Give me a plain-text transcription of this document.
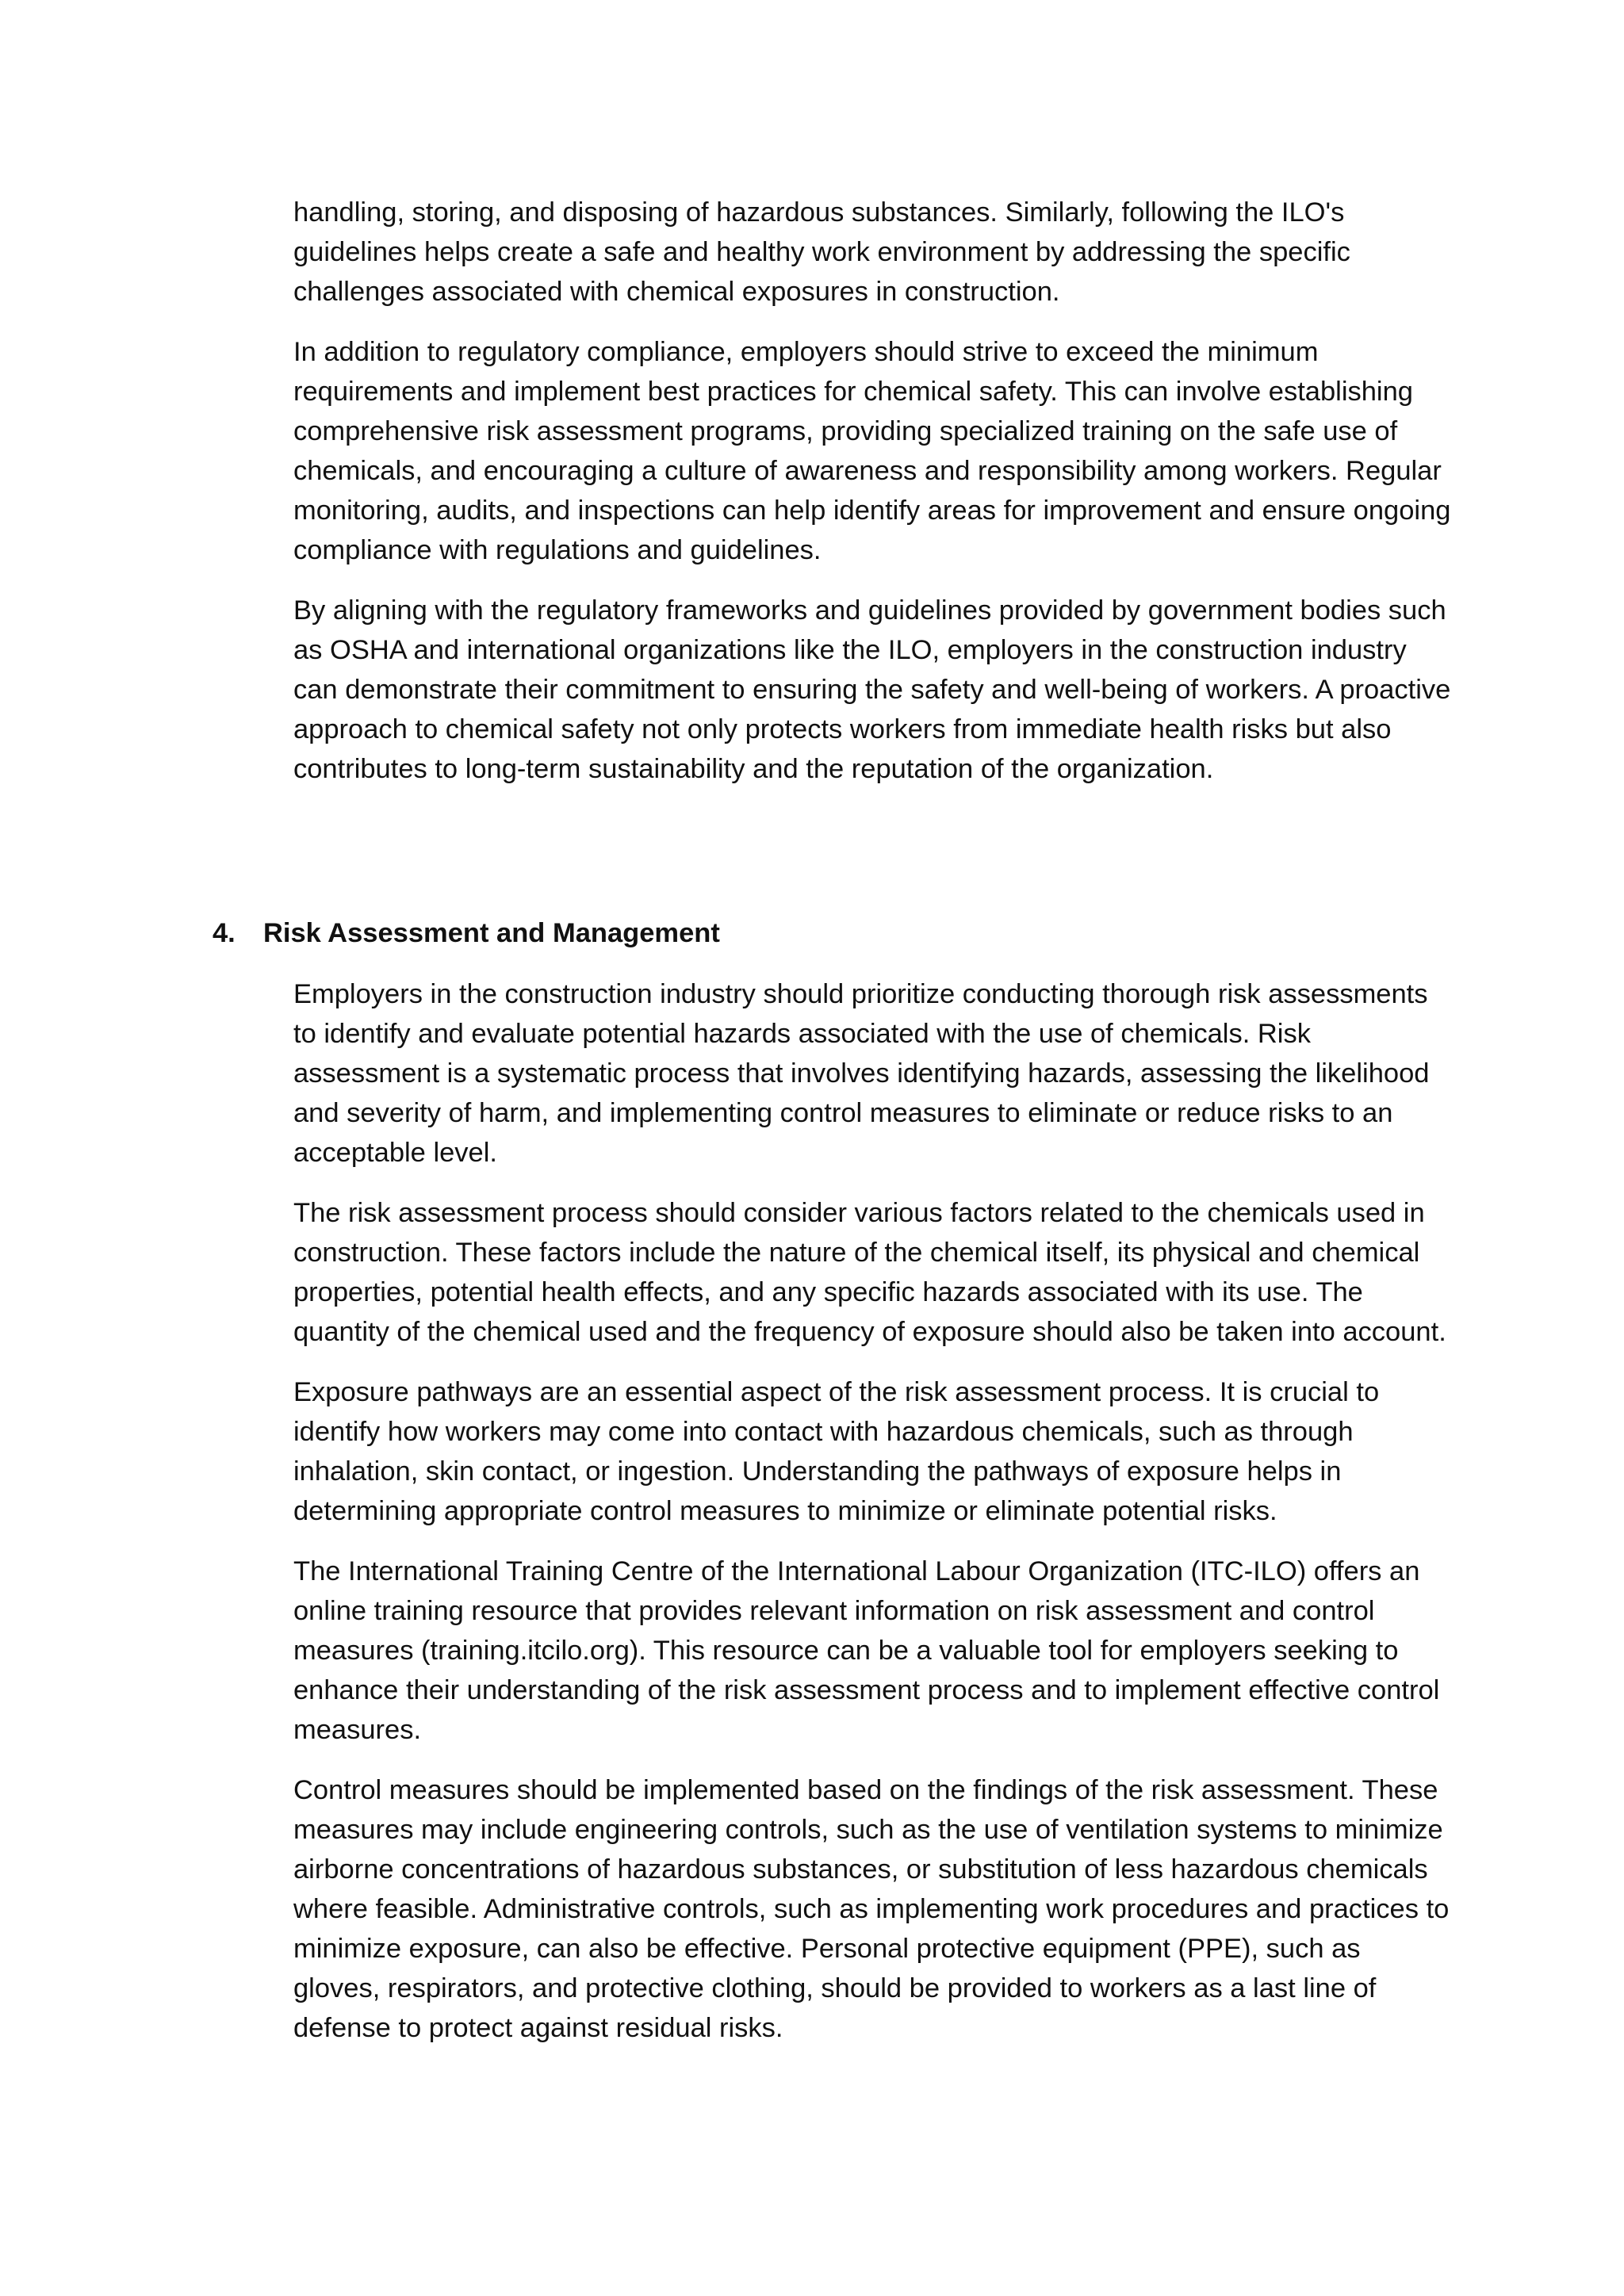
handling, storing, and disposing of hazardous substances. Similarly, following the ILO's guidelines helps create a safe and healthy work environment by addressing the specific challenges associated with chemical exposures in construction.

In addition to regulatory compliance, employers should strive to exceed the minimum requirements and implement best practices for chemical safety. This can involve establishing comprehensive risk assessment programs, providing specialized training on the safe use of chemicals, and encouraging a culture of awareness and responsibility among workers. Regular monitoring, audits, and inspections can help identify areas for improvement and ensure ongoing compliance with regulations and guidelines.

By aligning with the regulatory frameworks and guidelines provided by government bodies such as OSHA and international organizations like the ILO, employers in the construction industry can demonstrate their commitment to ensuring the safety and well-being of workers. A proactive approach to chemical safety not only protects workers from immediate health risks but also contributes to long-term sustainability and the reputation of the organization.

4. Risk Assessment and Management

Employers in the construction industry should prioritize conducting thorough risk assessments to identify and evaluate potential hazards associated with the use of chemicals. Risk assessment is a systematic process that involves identifying hazards, assessing the likelihood and severity of harm, and implementing control measures to eliminate or reduce risks to an acceptable level.

The risk assessment process should consider various factors related to the chemicals used in construction. These factors include the nature of the chemical itself, its physical and chemical properties, potential health effects, and any specific hazards associated with its use. The quantity of the chemical used and the frequency of exposure should also be taken into account.

Exposure pathways are an essential aspect of the risk assessment process. It is crucial to identify how workers may come into contact with hazardous chemicals, such as through inhalation, skin contact, or ingestion. Understanding the pathways of exposure helps in determining appropriate control measures to minimize or eliminate potential risks.

The International Training Centre of the International Labour Organization (ITC-ILO) offers an online training resource that provides relevant information on risk assessment and control measures (training.itcilo.org). This resource can be a valuable tool for employers seeking to enhance their understanding of the risk assessment process and to implement effective control measures.

Control measures should be implemented based on the findings of the risk assessment. These measures may include engineering controls, such as the use of ventilation systems to minimize airborne concentrations of hazardous substances, or substitution of less hazardous chemicals where feasible. Administrative controls, such as implementing work procedures and practices to minimize exposure, can also be effective. Personal protective equipment (PPE), such as gloves, respirators, and protective clothing, should be provided to workers as a last line of defense to protect against residual risks.
